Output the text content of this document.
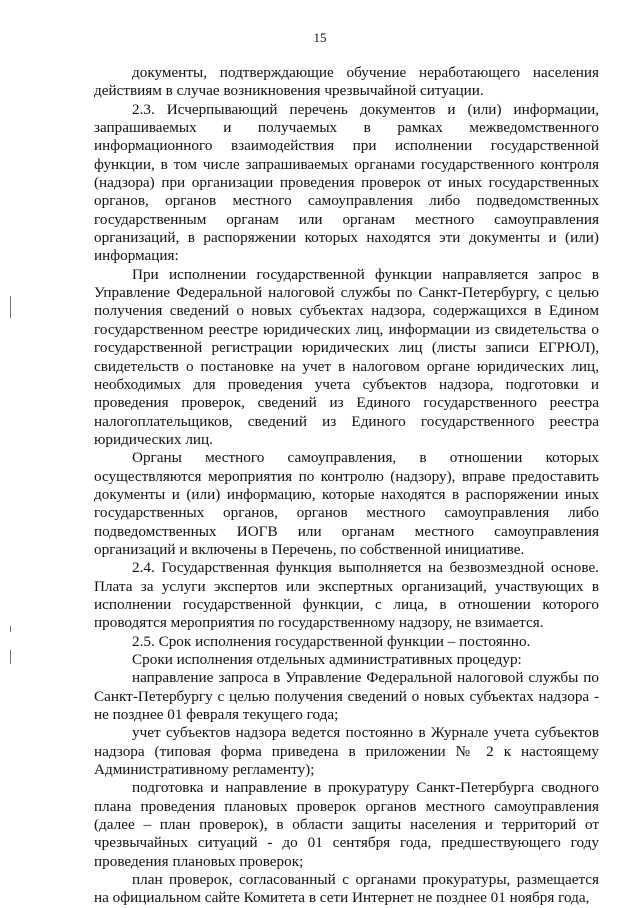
15

документы, подтверждающие обучение неработающего населения действиям в случае возникновения чрезвычайной ситуации.

2.3. Исчерпывающий перечень документов и (или) информации, запрашиваемых и получаемых в рамках межведомственного информационного взаимодействия при исполнении государственной функции, в том числе запрашиваемых органами государственного контроля (надзора) при организации проведения проверок от иных государственных органов, органов местного самоуправления либо подведомственных государственным органам или органам местного самоуправления организаций, в распоряжении которых находятся эти документы и (или) информация:

При исполнении государственной функции направляется запрос в Управление Федеральной налоговой службы по Санкт-Петербургу, с целью получения сведений о новых субъектах надзора, содержащихся в Едином государственном реестре юридических лиц, информации из свидетельства о государственной регистрации юридических лиц (листы записи ЕГРЮЛ), свидетельств о постановке на учет в налоговом органе юридических лиц, необходимых для проведения учета субъектов надзора, подготовки и проведения проверок, сведений из Единого государственного реестра налогоплательщиков, сведений из Единого государственного реестра юридических лиц.

Органы местного самоуправления, в отношении которых осуществляются мероприятия по контролю (надзору), вправе предоставить документы и (или) информацию, которые находятся в распоряжении иных государственных органов, органов местного самоуправления либо подведомственных ИОГВ или органам местного самоуправления организаций и включены в Перечень, по собственной инициативе.

2.4. Государственная функция выполняется на безвозмездной основе. Плата за услуги экспертов или экспертных организаций, участвующих в исполнении государственной функции, с лица, в отношении которого проводятся мероприятия по государственному надзору, не взимается.

2.5. Срок исполнения государственной функции – постоянно.

Сроки исполнения отдельных административных процедур:

направление запроса в Управление Федеральной налоговой службы по Санкт-Петербургу с целью получения сведений о новых субъектах надзора - не позднее 01 февраля текущего года;

учет субъектов надзора ведется постоянно в Журнале учета субъектов надзора (типовая форма приведена в приложении № 2 к настоящему Административному регламенту);

подготовка и направление в прокуратуру Санкт-Петербурга сводного плана проведения плановых проверок органов местного самоуправления (далее – план проверок), в области защиты населения и территорий от чрезвычайных ситуаций - до 01 сентября года, предшествующего году проведения плановых проверок;

план проверок, согласованный с органами прокуратуры, размещается на официальном сайте Комитета в сети Интернет не позднее 01 ноября года,
